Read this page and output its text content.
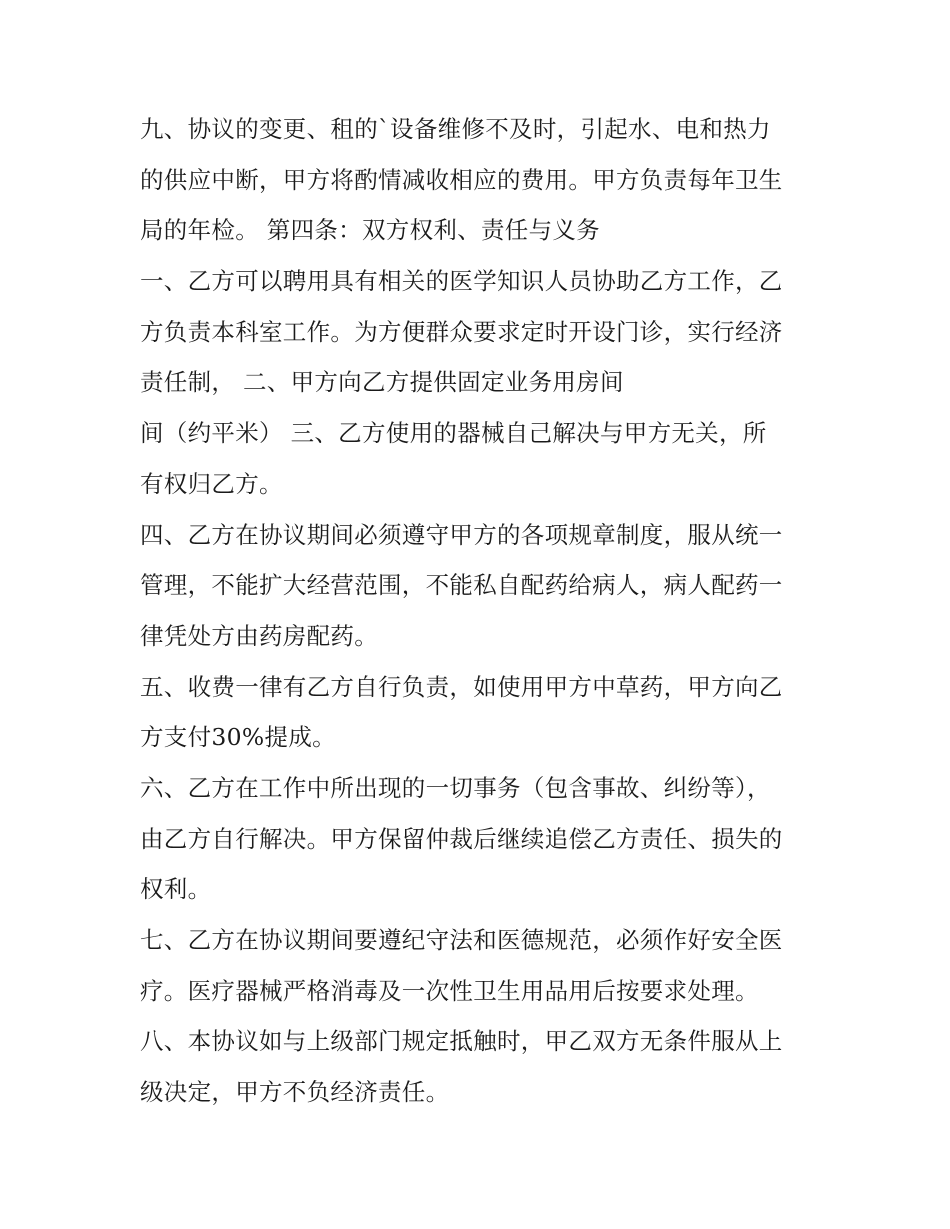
九、协议的变更、租的`设备维修不及时，引起水、电和热力
的供应中断，甲方将酌情减收相应的费用。甲方负责每年卫生
局的年检。 第四条：双方权利、责任与义务
一、乙方可以聘用具有相关的医学知识人员协助乙方工作，乙
方负责本科室工作。为方便群众要求定时开设门诊，实行经济
责任制， 二、甲方向乙方提供固定业务用房间
间（约平米） 三、乙方使用的器械自己解决与甲方无关，所
有权归乙方。
四、乙方在协议期间必须遵守甲方的各项规章制度，服从统一
管理，不能扩大经营范围，不能私自配药给病人，病人配药一
律凭处方由药房配药。
五、收费一律有乙方自行负责，如使用甲方中草药，甲方向乙
方支付30%提成。
六、乙方在工作中所出现的一切事务（包含事故、纠纷等），
由乙方自行解决。甲方保留仲裁后继续追偿乙方责任、损失的
权利。
七、乙方在协议期间要遵纪守法和医德规范，必须作好安全医
疗。医疗器械严格消毒及一次性卫生用品用后按要求处理。
八、本协议如与上级部门规定抵触时，甲乙双方无条件服从上
级决定，甲方不负经济责任。
